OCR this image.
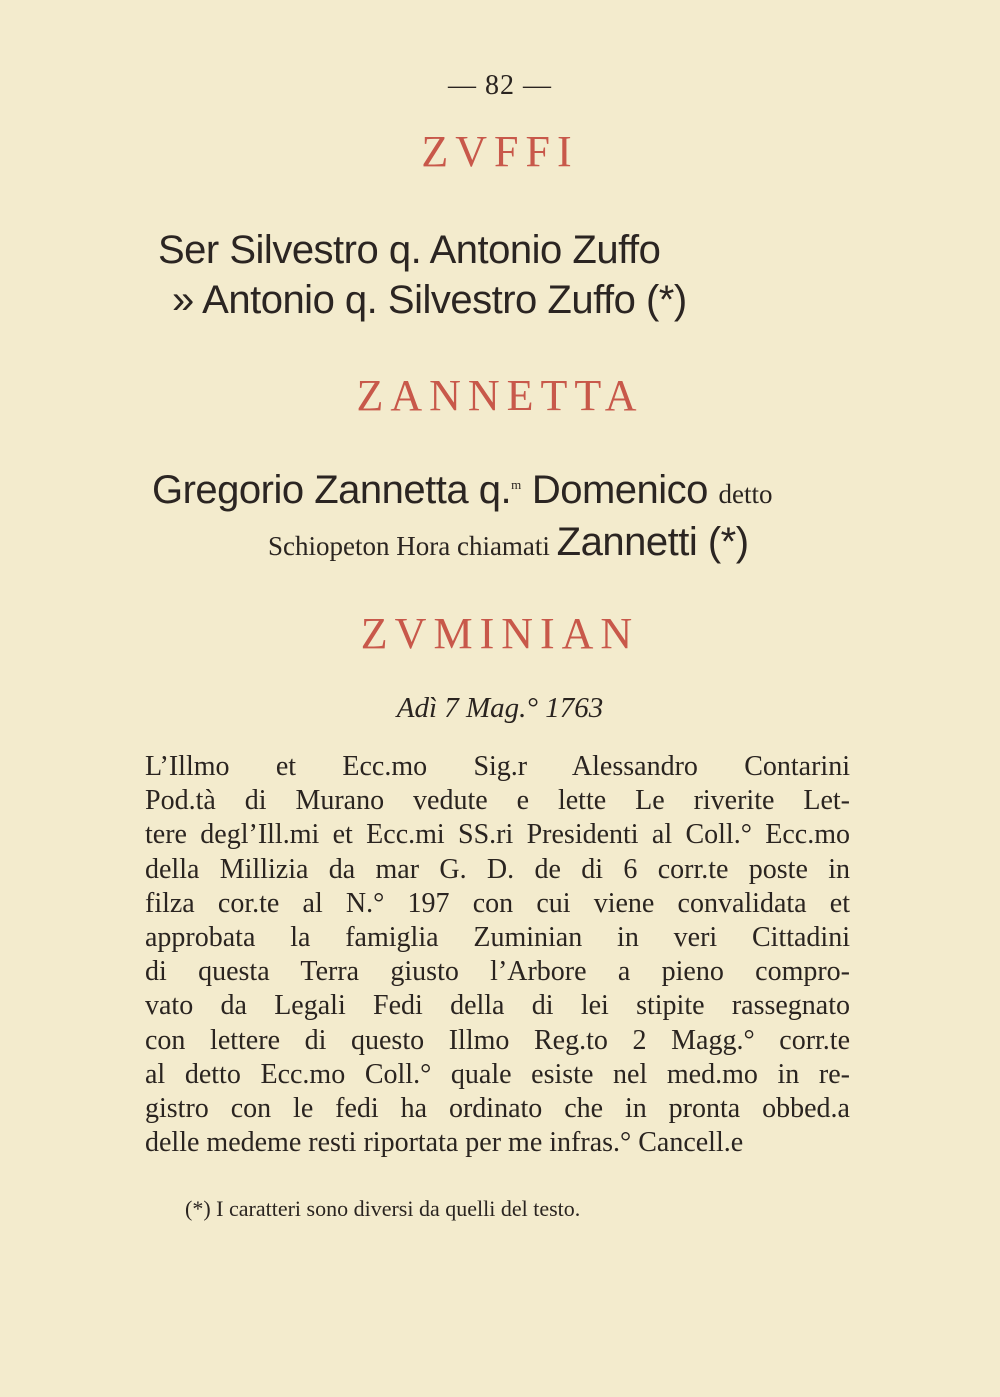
— 82 —
ZVFFI
Ser Silvestro q. Antonio Zuffo
» Antonio q. Silvestro Zuffo (*)
ZANNETTA
Gregorio Zannetta q.$^m$ Domenico detto
Schiopeton Hora chiamati Zannetti (*)
ZVMINIAN
Adì 7 Mag.° 1763
L’Illmo et Ecc.mo Sig.r Alessandro Contarini
Pod.tà di Murano vedute e lette Le riverite Let-
tere degl’Ill.mi et Ecc.mi SS.ri Presidenti al Coll.° Ecc.mo
della Millizia da mar G. D. de di 6 corr.te poste in
filza cor.te al N.° 197 con cui viene convalidata et
approbata la famiglia Zuminian in veri Cittadini
di questa Terra giusto l’Arbore a pieno compro-
vato da Legali Fedi della di lei stipite rassegnato
con lettere di questo Illmo Reg.to 2 Magg.° corr.te
al detto Ecc.mo Coll.° quale esiste nel med.mo in re-
gistro con le fedi ha ordinato che in pronta obbed.a
delle medeme resti riportata per me infras.° Cancell.e
(*) I caratteri sono diversi da quelli del testo.
